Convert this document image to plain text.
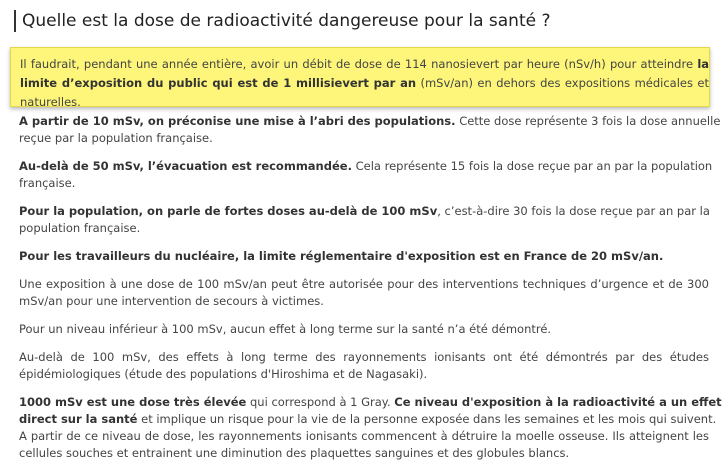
Quelle est la dose de radioactivité dangereuse pour la santé ?
Il faudrait, pendant une année entière, avoir un débit de dose de 114 nanosievert par heure (nSv/h) pour atteindre la
limite d’exposition du public qui est de 1 millisievert par an (mSv/an) en dehors des expositions médicales et
naturelles.

A partir de 10 mSv, on préconise une mise à l’abri des populations. Cette dose représente 3 fois la dose annuelle
reçue par la population française.

Au-delà de 50 mSv, l’évacuation est recommandée. Cela représente 15 fois la dose reçue par an par la population
française.

Pour la population, on parle de fortes doses au-delà de 100 mSv, c’est-à-dire 30 fois la dose reçue par an par la
population française.

Pour les travailleurs du nucléaire, la limite réglementaire d'exposition est en France de 20 mSv/an.

Une exposition à une dose de 100 mSv/an peut être autorisée pour des interventions techniques d’urgence et de 300
mSv/an pour une intervention de secours à victimes.

Pour un niveau inférieur à 100 mSv, aucun effet à long terme sur la santé n’a été démontré.

Au-delà de 100 mSv, des effets à long terme des rayonnements ionisants ont été démontrés par des études
épidémiologiques (étude des populations d'Hiroshima et de Nagasaki).

1000 mSv est une dose très élevée qui correspond à 1 Gray. Ce niveau d'exposition à la radioactivité a un effet
direct sur la santé et implique un risque pour la vie de la personne exposée dans les semaines et les mois qui suivent.
A partir de ce niveau de dose, les rayonnements ionisants commencent à détruire la moelle osseuse. Ils atteignent les
cellules souches et entrainent une diminution des plaquettes sanguines et des globules blancs.
